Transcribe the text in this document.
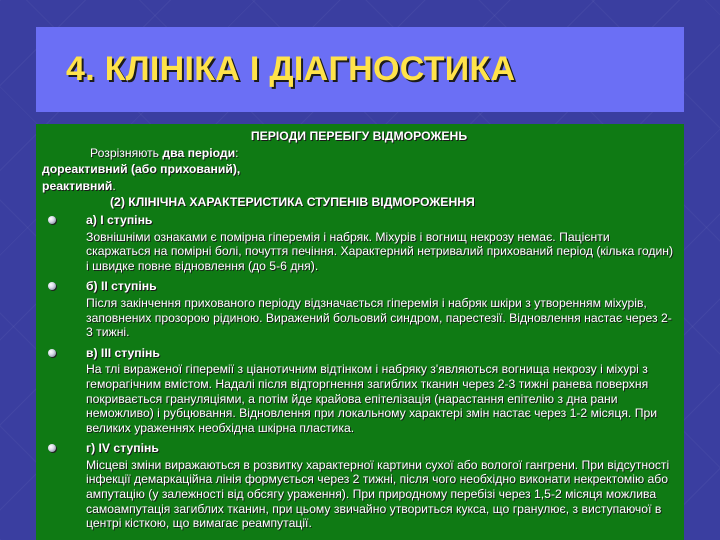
4. КЛІНІКА І ДІАГНОСТИКА
ПЕРІОДИ ПЕРЕБІГУ ВІДМОРОЖЕНЬ
Розрізняють два періоди:
дореактивний (або прихований),
реактивний.
(2) КЛІНІЧНА ХАРАКТЕРИСТИКА СТУПЕНІВ ВІДМОРОЖЕННЯ
а) І ступінь
Зовнішніми ознаками є помірна гіперемія і набряк. Міхурів і вогнищ некрозу немає. Пацієнти скаржаться на помірні болі, почуття печіння. Характерний нетривалий прихований період (кілька годин) і швидке повне відновлення (до 5-6 дня).
б) ІІ ступінь
Після закінчення прихованого періоду відзначається гіперемія і набряк шкіри з утворенням міхурів, заповнених прозорою рідиною. Виражений больовий синдром, парестезії. Відновлення настає через 2-3 тижні.
в) ІІІ ступінь
На тлі вираженої гіперемії з ціанотичним відтінком і набряку з'являються вогнища некрозу і міхурі з геморагічним вмістом. Надалі після відторгнення загиблих тканин через 2-3 тижні ранева поверхня покривається грануляціями, а потім йде крайова епітелізація (нарастання епітелію з дна рани неможливо) і рубцювання. Відновлення при локальному характері змін настає через 1-2 місяця. При великих ураженнях необхідна шкірна пластика.
г) IV ступінь
Місцеві зміни виражаються в розвитку характерної картини сухої або вологої гангрени. При відсутності інфекції демаркаційна лінія формується через 2 тижні, після чого необхідно виконати некректомію або ампутацію (у залежності від обсягу ураження). При природному перебізі через 1,5-2 місяця можлива самоампутація загиблих тканин, при цьому звичайно утвориться кукса, що гранулює, з виступаючої в центрі кісткою, що вимагає реампутації.
